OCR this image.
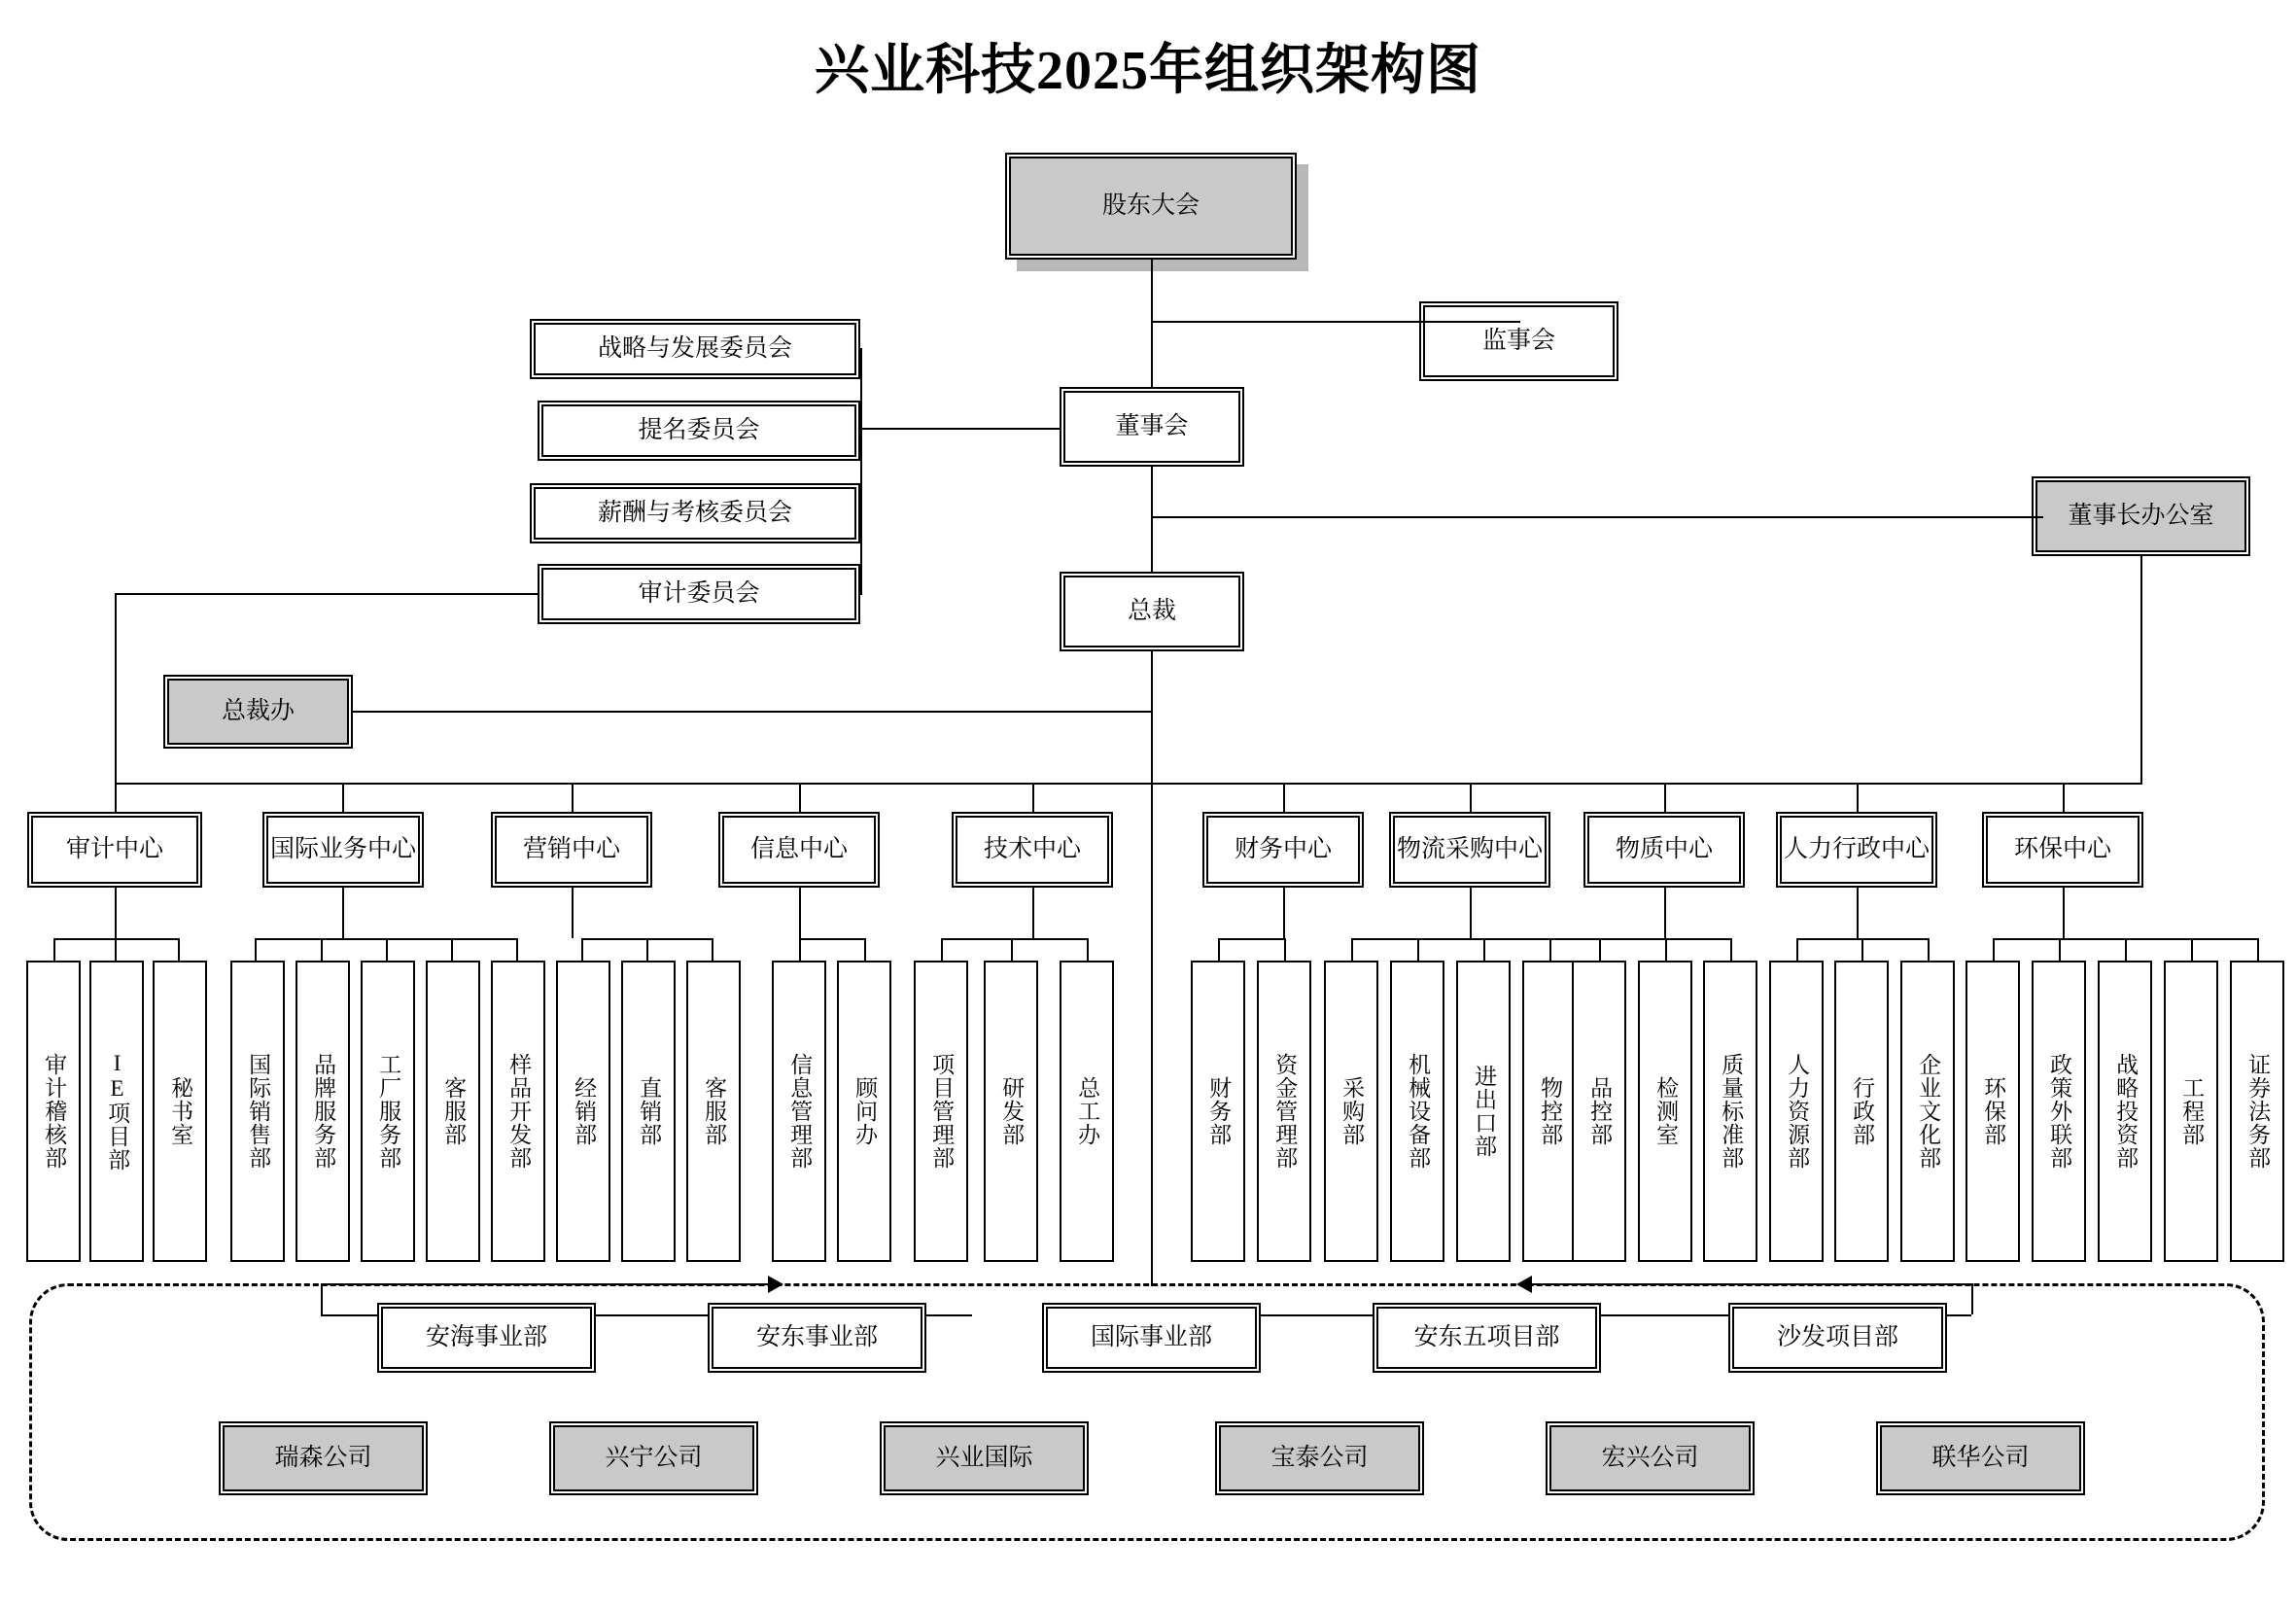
兴业科技2025年组织架构图
股东大会
监事会
董事会
董事长办公室
总裁
总裁办
战略与发展委员会
提名委员会
薪酬与考核委员会
审计委员会
审计中心	国际业务中心	营销中心	信息中心	技术中心	财务中心	物流采购中心	物质中心	人力行政中心	环保中心
审计稽核部	IE项目部	秘书室	国际销售部	品牌服务部	工厂服务部	客服部	样品开发部	经销部	直销部	客服部	信息管理部	顾问办	项目管理部	研发部	总工办	财务部	资金管理部	采购部	机械设备部	进出口部	物控部	品控部	检测室	质量标准部	人力资源部	行政部	企业文化部	环保部	政策外联部	战略投资部	工程部	证券法务部
安海事业部	安东事业部	国际事业部	安东五项目部	沙发项目部
瑞森公司	兴宁公司	兴业国际	宝泰公司	宏兴公司	联华公司
